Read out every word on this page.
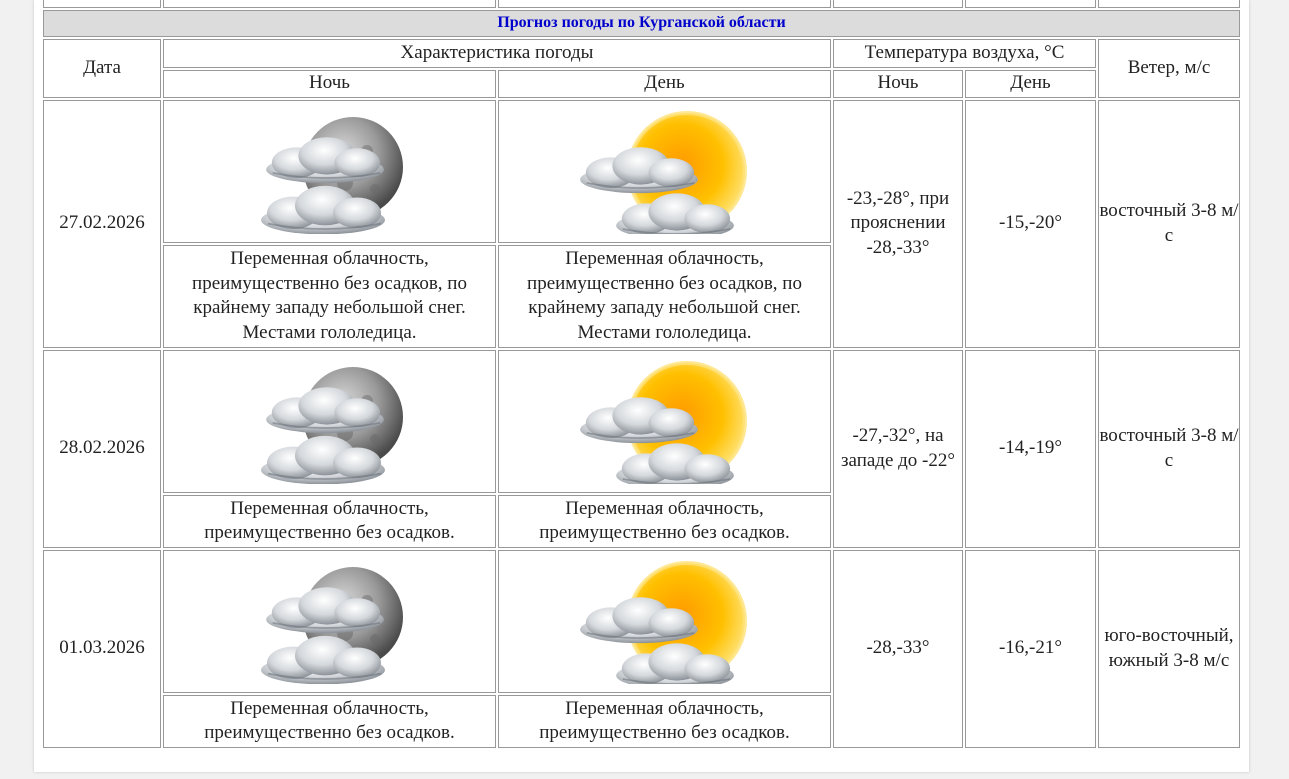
Прогноз погоды по Курганской области					
Дата	Характеристика погоды		Температура воздуха, °С		Ветер, м/с
	Ночь	День	Ночь	День	
27.02.2026			-23,-28°, при прояснении -28,-33°	-15,-20°	восточный 3-8 м/с
	Переменная облачность, преимущественно без осадков, по крайнему западу небольшой снег. Местами гололедица.	Переменная облачность, преимущественно без осадков, по крайнему западу небольшой снег. Местами гололедица.			
28.02.2026			-27,-32°, на западе до -22°	-14,-19°	восточный 3-8 м/с
	Переменная облачность, преимущественно без осадков.	Переменная облачность, преимущественно без осадков.			
01.03.2026			-28,-33°	-16,-21°	юго-восточный, южный 3-8 м/с
	Переменная облачность, преимущественно без осадков.	Переменная облачность, преимущественно без осадков.			
